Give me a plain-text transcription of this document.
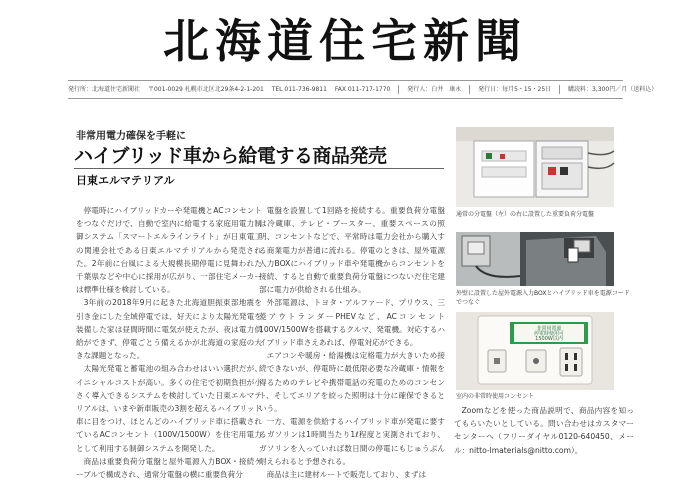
北海道住宅新聞
発行所：北海道住宅新聞社 〒001-0029 札幌市北区北29条4-2-1-201 TEL 011-736-9811 FAX 011-717-1770	発行人：白井　康永	発行日：毎月5・15・25日	購読料：3,300円／月（送料込）
非常用電力確保を手軽に
ハイブリッド車から給電する商品発売
日東エルマテリアル

停電時にハイブリッドカーや発電機とACコンセントをつなぐだけで、自動で室内に給電する家庭用電力制御システム「スマートエルラインライト」が日東電工の関連会社である日東エルマテリアルから発売された。2年前に台風による大規模長期停電に見舞われた千葉県などや中心に採用が広がり、一部住宅メーカーは標準仕様を検討している。

3年前の2018年9月に起きた北海道胆振東部地震を引き金にした全域停電では、好天により太陽光発電を装備した家は昼間時間に電気が使えたが、夜は電力供給ができず、停電ごとう備えるかが北海道の家庭の大きな課題となった。

太陽光発電と蓄電池の組み合わせはいい選択だが、イニシャルコストが高い。多くの住宅で初期負担が小さく導入できるシステムを検討していた日東エルマテリアルは、いまや新車販売の3割を超えるハイブリッド車に目をつけ、ほとんどのハイブリッド車に搭載されているACコンセント（100V/1500W）を住宅用電力として利用する制御システムを開発した。

商品は重要負荷分電盤と屋外電源入力BOX・接続ケーブルで構成され、通常分電盤の横に重要負荷分

電盤を設置して1回路を接続する。重要負荷分電盤は冷蔵庫、テレビ・ブースター、重要スペースの照明、コンセントなどで、平常時は電力会社から購入する商業電力が普通に流れる。停電のときは、屋外電源入力BOXにハイブリッド車や発電機からコンセントを接続、すると自動で重要負荷分電盤につないだ住宅建部に電力が供給される仕組み。

外部電源は、トヨタ・アルファード、プリウス、三菱アウトランダーPHEVなど、ACコンセント100V/1500Wを搭載するクルマ、発電機。対応するハイブリッド車さえあれば、停電対応ができる。

エアコンや暖房・給湯機は定格電力が大きいため接続できないが、停電時に最低限必要な冷蔵庫・情報を得るためのテレビや携帯電話の充電のためのコンセント、そしてエリアを絞った照明は十分に確保できるという。

一方、電源を供給するハイブリッド車が発電に要するガソリンは1時間当たり1ℓ程度と実測されており、ガソリンを入っていれば数日間の停電にもじゅうぶん耐えられると予想される。

商品は主に建材ルートで販売しており、まずは

通常の分電盤（左）の右に設置した重要負荷分電盤
外壁に設置した屋外電源入力BOXとハイブリッド車を電源コードでつなぐ
非常用電源
停電時使用可
1500W以内
室内の非常時使用コンセント

Zoomなどを使った商品説明で、商品内容を知ってもらいたいとしている。問い合わせはカスタマーセンターへ（フリーダイヤル0120-640450、メール：nitto-lmaterials@nitto.com）。
